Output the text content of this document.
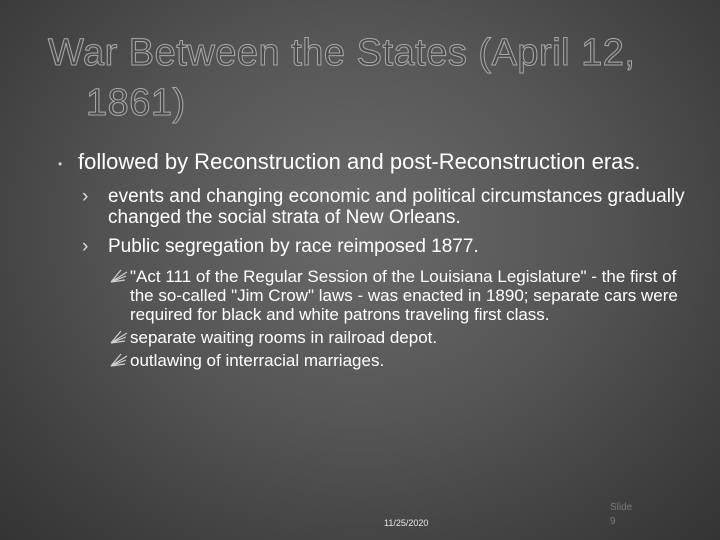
War Between the States (April 12,
1861)
• followed by Reconstruction and post-Reconstruction eras.
› events and changing economic and political circumstances gradually changed the social strata of New Orleans.
› Public segregation by race reimposed 1877.
"Act 111 of the Regular Session of the Louisiana Legislature" - the first of the so-called "Jim Crow" laws - was enacted in 1890; separate cars were required for black and white patrons traveling first class.
separate waiting rooms in railroad depot.
outlawing of interracial marriages.
11/25/2020
Slide 9
